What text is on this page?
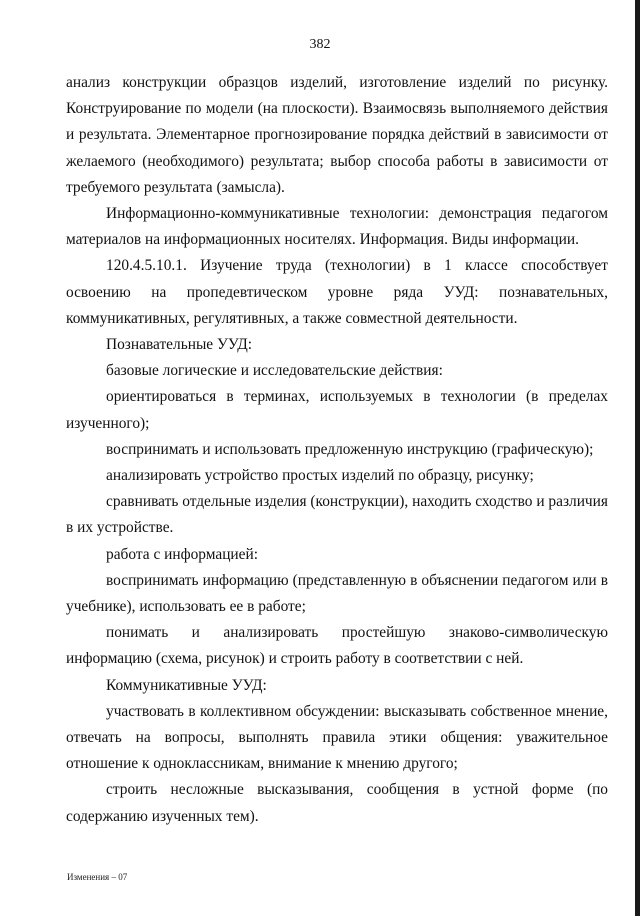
382

анализ конструкции образцов изделий, изготовление изделий по рисунку. Конструирование по модели (на плоскости). Взаимосвязь выполняемого действия и результата. Элементарное прогнозирование порядка действий в зависимости от желаемого (необходимого) результата; выбор способа работы в зависимости от требуемого результата (замысла).

Информационно-коммуникативные технологии: демонстрация педагогом материалов на информационных носителях. Информация. Виды информации.

120.4.5.10.1. Изучение труда (технологии) в 1 классе способствует освоению на пропедевтическом уровне ряда УУД: познавательных, коммуникативных, регулятивных, а также совместной деятельности.

Познавательные УУД:

базовые логические и исследовательские действия:

ориентироваться в терминах, используемых в технологии (в пределах изученного);

воспринимать и использовать предложенную инструкцию (графическую);

анализировать устройство простых изделий по образцу, рисунку;

сравнивать отдельные изделия (конструкции), находить сходство и различия в их устройстве.

работа с информацией:

воспринимать информацию (представленную в объяснении педагогом или в учебнике), использовать ее в работе;

понимать и анализировать простейшую знаково-символическую информацию (схема, рисунок) и строить работу в соответствии с ней.

Коммуникативные УУД:

участвовать в коллективном обсуждении: высказывать собственное мнение, отвечать на вопросы, выполнять правила этики общения: уважительное отношение к одноклассникам, внимание к мнению другого;

строить несложные высказывания, сообщения в устной форме (по содержанию изученных тем).

Изменения – 07
